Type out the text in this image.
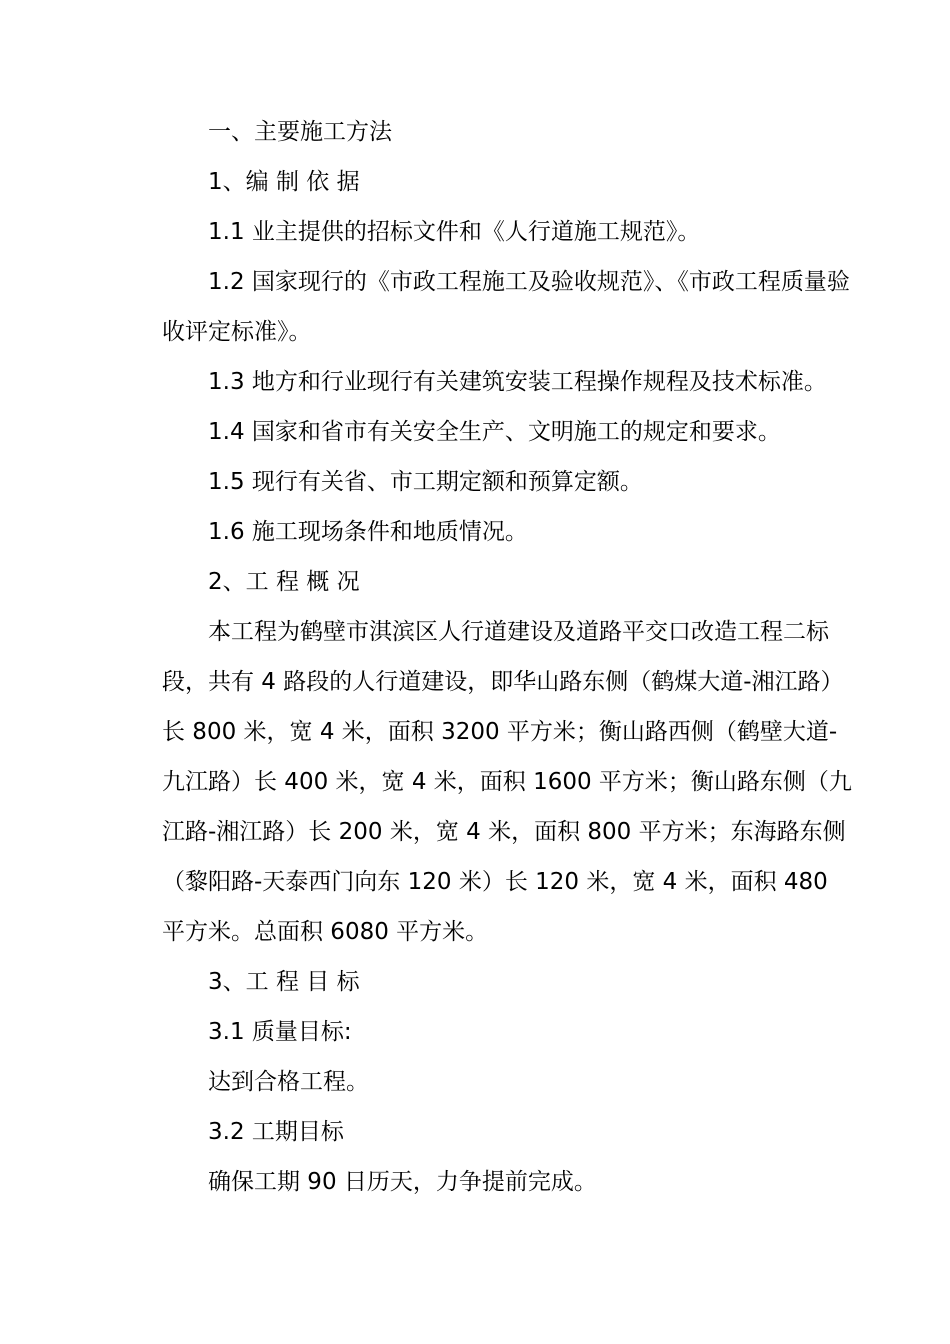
一、主要施工方法

1、编 制 依 据

1.1 业主提供的招标文件和《人行道施工规范》。

1.2 国家现行的《市政工程施工及验收规范》、《市政工程质量验收评定标准》。

1.3 地方和行业现行有关建筑安装工程操作规程及技术标准。

1.4 国家和省市有关安全生产、文明施工的规定和要求。

1.5 现行有关省、市工期定额和预算定额。

1.6 施工现场条件和地质情况。

2、工 程 概 况

本工程为鹤壁市淇滨区人行道建设及道路平交口改造工程二标段，共有 4 路段的人行道建设，即华山路东侧（鹤煤大道-湘江路）长 800 米，宽 4 米，面积 3200 平方米；衡山路西侧（鹤壁大道-九江路）长 400 米，宽 4 米，面积 1600 平方米；衡山路东侧（九江路-湘江路）长 200 米，宽 4 米，面积 800 平方米；东海路东侧（黎阳路-天泰西门向东 120 米）长 120 米，宽 4 米，面积 480 平方米。总面积 6080 平方米。

3、工 程 目 标

3.1 质量目标:

达到合格工程。

3.2 工期目标

确保工期 90 日历天，力争提前完成。
